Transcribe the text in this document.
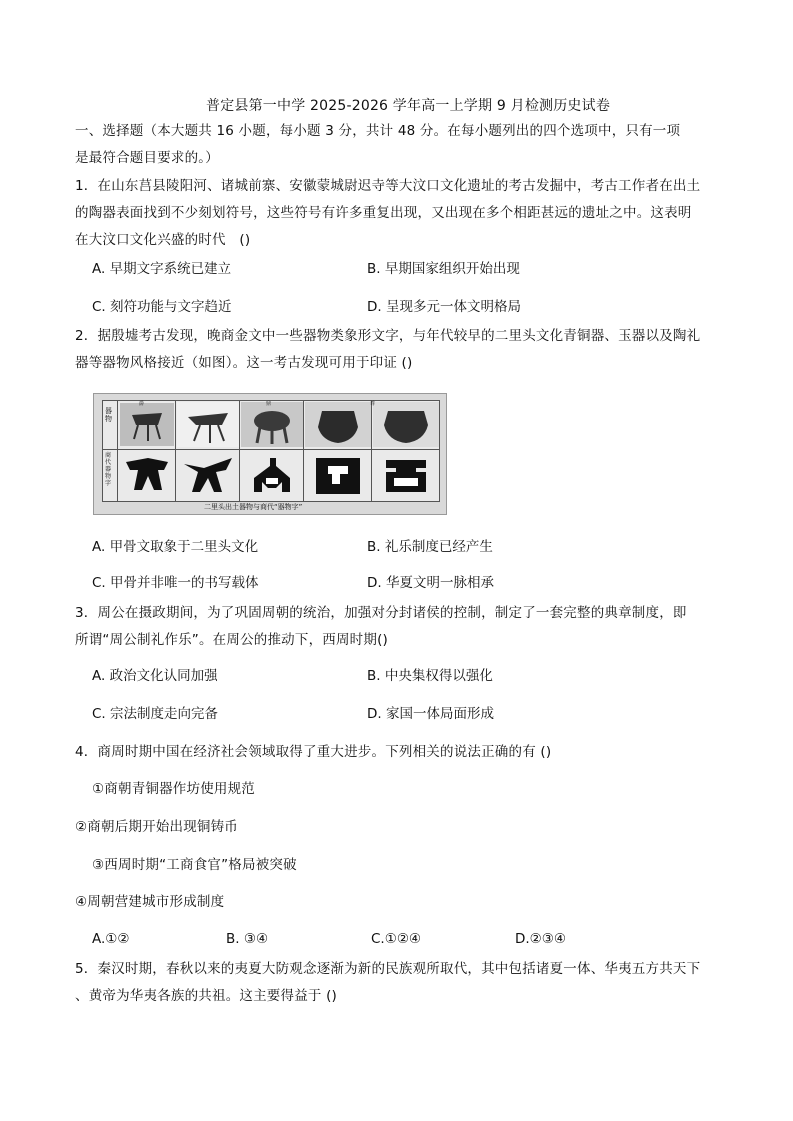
普定县第一中学 2025-2026 学年高一上学期 9 月检测历史试卷
一、选择题（本大题共 16 小题，每小题 3 分，共计 48 分。在每小题列出的四个选项中，只有一项
是最符合题目要求的。）
1．在山东莒县陵阳河、诸城前寨、安徽蒙城尉迟寺等大汶口文化遗址的考古发掘中，考古工作者在出土
的陶器表面找到不少刻划符号，这些符号有许多重复出现，又出现在多个相距甚远的遗址之中。这表明
在大汶口文化兴盛的时代　()
A. 早期文字系统已建立	B. 早期国家组织开始出现
C. 刻符功能与文字趋近	D. 呈现多元一体文明格局
2．据殷墟考古发现，晚商金文中一些器物类象形文字，与年代较早的二里头文化青铜器、玉器以及陶礼
器等器物风格接近（如图）。这一考古发现可用于印证 ()
器物
鼎	尊
爵
商代器物字
二里头出土器物与商代“器物字”
A. 甲骨文取象于二里头文化	B. 礼乐制度已经产生
C. 甲骨并非唯一的书写载体	D. 华夏文明一脉相承
3．周公在摄政期间，为了巩固周朝的统治，加强对分封诸侯的控制，制定了一套完整的典章制度，即
所谓“周公制礼作乐”。在周公的推动下，西周时期()
A. 政治文化认同加强	B. 中央集权得以强化
C. 宗法制度走向完备	D. 家国一体局面形成
4．商周时期中国在经济社会领域取得了重大进步。下列相关的说法正确的有 ()
①商朝青铜器作坊使用规范
②商朝后期开始出现铜铸币
③西周时期“工商食官”格局被突破
④周朝营建城市形成制度
A.①②	B. ③④	C.①②④	D.②③④
5．秦汉时期，春秋以来的夷夏大防观念逐渐为新的民族观所取代，其中包括诸夏一体、华夷五方共天下
、黄帝为华夷各族的共祖。这主要得益于 ()
